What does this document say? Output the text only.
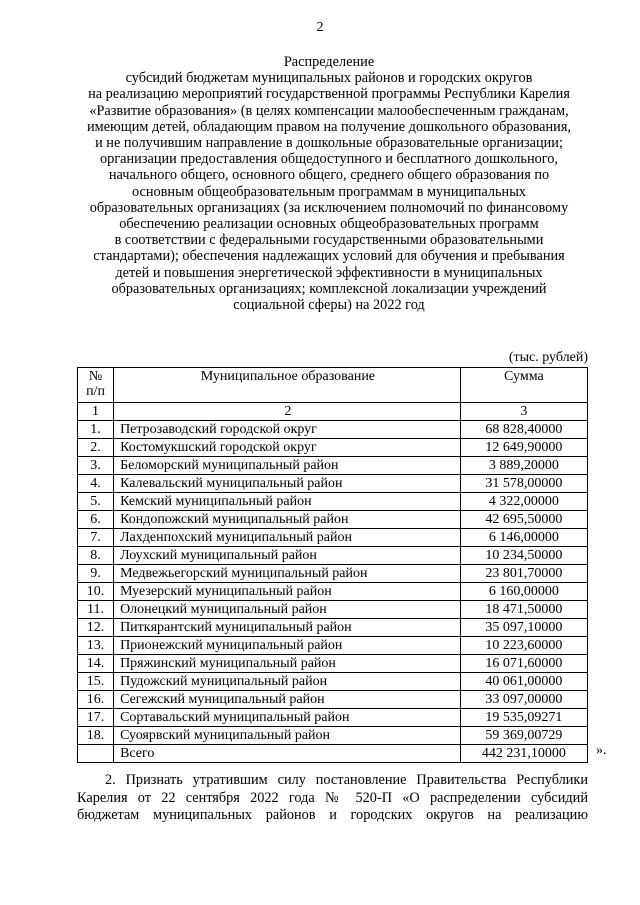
2
Распределение
субсидий бюджетам муниципальных районов и городских округов
на реализацию мероприятий государственной программы Республики Карелия
«Развитие образования» (в целях компенсации малообеспеченным гражданам,
имеющим детей, обладающим правом на получение дошкольного образования,
и не получившим направление в дошкольные образовательные организации;
организации предоставления общедоступного и бесплатного дошкольного,
начального общего, основного общего, среднего общего образования по
основным общеобразовательным программам в муниципальных
образовательных организациях (за исключением полномочий по финансовому
обеспечению реализации основных общеобразовательных программ
в соответствии с федеральными государственными образовательными
стандартами); обеспечения надлежащих условий для обучения и пребывания
детей и повышения энергетической эффективности в муниципальных
образовательных организациях; комплексной локализации учреждений
социальной сферы) на 2022 год
(тыс. рублей)
№
п/п	Муниципальное образование	Сумма
1	2	3
1.	Петрозаводский городской округ	68 828,40000
2.	Костомукшский городской округ	12 649,90000
3.	Беломорский муниципальный район	3 889,20000
4.	Калевальский муниципальный район	31 578,00000
5.	Кемский муниципальный район	4 322,00000
6.	Кондопожский муниципальный район	42 695,50000
7.	Лахденпохский муниципальный район	6 146,00000
8.	Лоухский муниципальный район	10 234,50000
9.	Медвежьегорский муниципальный район	23 801,70000
10.	Муезерский муниципальный район	6 160,00000
11.	Олонецкий муниципальный район	18 471,50000
12.	Питкярантский муниципальный район	35 097,10000
13.	Прионежский муниципальный район	10 223,60000
14.	Пряжинский муниципальный район	16 071,60000
15.	Пудожский муниципальный район	40 061,00000
16.	Сегежский муниципальный район	33 097,00000
17.	Сортавальский муниципальный район	19 535,09271
18.	Суоярвский муниципальный район	59 369,00729
	Всего	442 231,10000 ».
2. Признать утратившим силу постановление Правительства Республики
Карелия от 22 сентября 2022 года № 520-П «О распределении субсидий
бюджетам муниципальных районов и городских округов на реализацию
